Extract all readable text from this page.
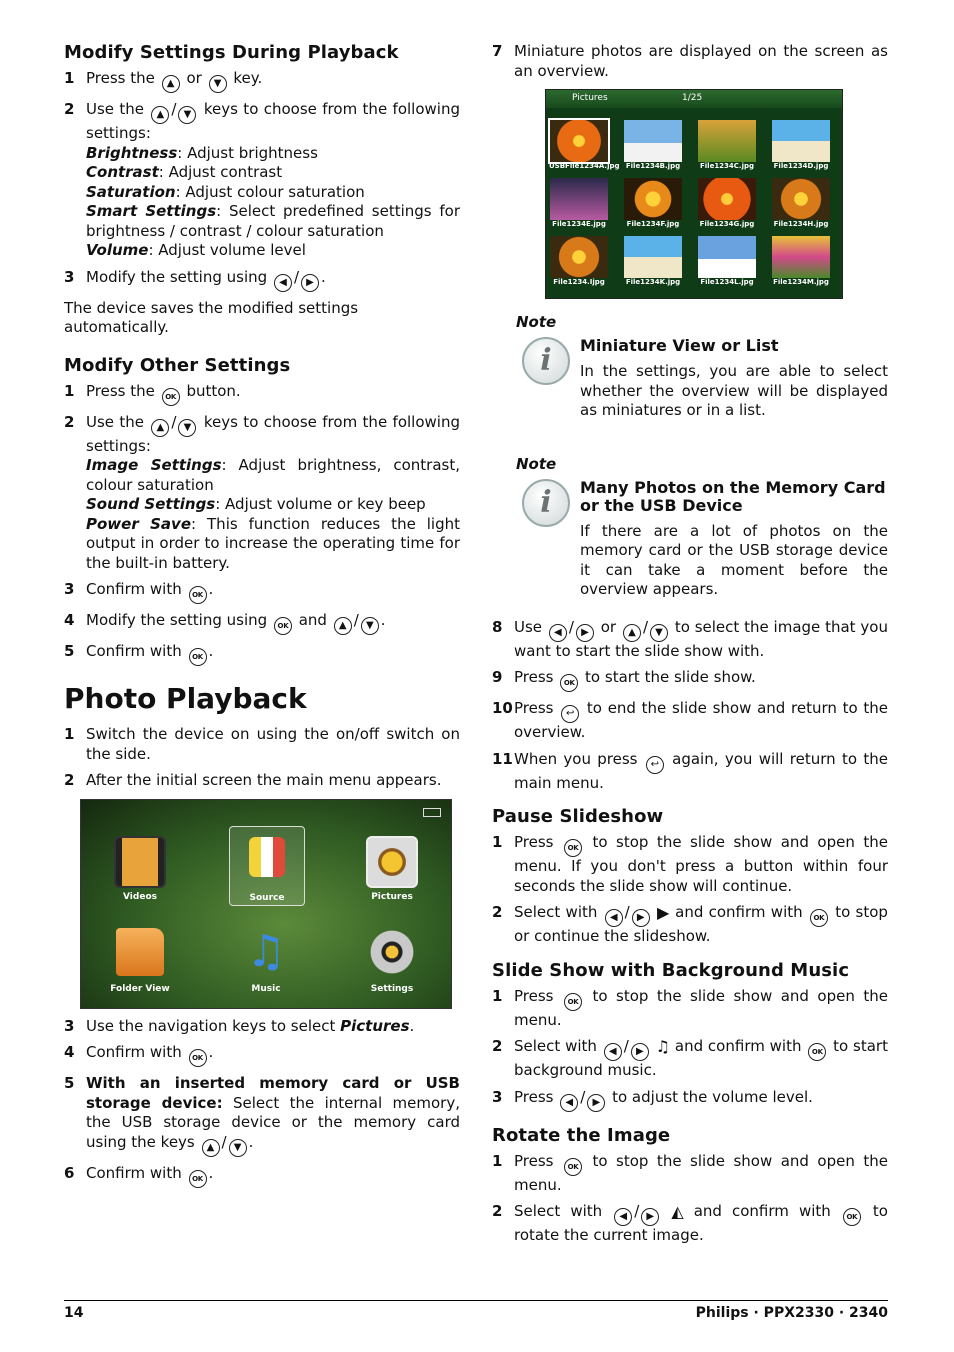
Modify Settings During Playback
1 Press the ▲ or ▼ key.
2 Use the ▲ / ▼ keys to choose from the following settings:
Brightness: Adjust brightness
Contrast: Adjust contrast
Saturation: Adjust colour saturation
Smart Settings: Select predefined settings for brightness / contrast / colour saturation
Volume: Adjust volume level
3 Modify the setting using ◀ / ▶ .

The device saves the modified settings automatically.

Modify Other Settings
1 Press the OK button.
2 Use the ▲ / ▼ keys to choose from the following settings:
Image Settings: Adjust brightness, contrast, colour saturation
Sound Settings: Adjust volume or key beep
Power Save: This function reduces the light output in order to increase the operating time for the built-in battery.
3 Confirm with OK .
4 Modify the setting using OK and ▲ / ▼ .
5 Confirm with OK .
Photo Playback
1 Switch the device on using the on/off switch on the side.
2 After the initial screen the main menu appears.
Videos	Source	Pictures
Folder View
♫
Music	Settings
3 Use the navigation keys to select Pictures.
4 Confirm with OK .
5 With an inserted memory card or USB storage device: Select the internal memory, the USB storage device or the memory card using the keys ▲ / ▼ .
6 Confirm with OK .
7 Miniature photos are displayed on the screen as an overview.
Pictures	1/25
USBFile1234A.jpg File1234B.jpg	File1234C.jpg	File1234D.jpg
File1234E.jpg	File1234F.jpg	File1234G.jpg	File1234H.jpg
File1234.Ijpg	File1234K.jpg	File1234L.jpg	File1234M.jpg
Note
i	Miniature View or List
In the settings, you are able to select whether the overview will be displayed as miniatures or in a list.
Note
i	Many Photos on the Memory Card or the USB Device
If there are a lot of photos on the memory card or the USB storage device it can take a moment before the overview appears.
8 Use ◀ / ▶ or ▲ / ▼ to select the image that you want to start the slide show with.
9 Press OK to start the slide show.
10 Press ↩ to end the slide show and return to the overview.
11 When you press ↩ again, you will return to the main menu.
Pause Slideshow
1 Press OK to stop the slide show and open the menu. If you don't press a button within four seconds the slide show will continue.
2 Select with ◀ / ▶ ▶ and confirm with OK to stop or continue the slideshow.
Slide Show with Background Music
1 Press OK to stop the slide show and open the menu.
2 Select with ◀ / ▶ ♫ and confirm with OK to start background music.
3 Press ◀ / ▶ to adjust the volume level.
Rotate the Image
1 Press OK to stop the slide show and open the menu.
2 Select with ◀ / ▶ ◭ and confirm with OK to rotate the current image.
14	Philips · PPX2330 · 2340
